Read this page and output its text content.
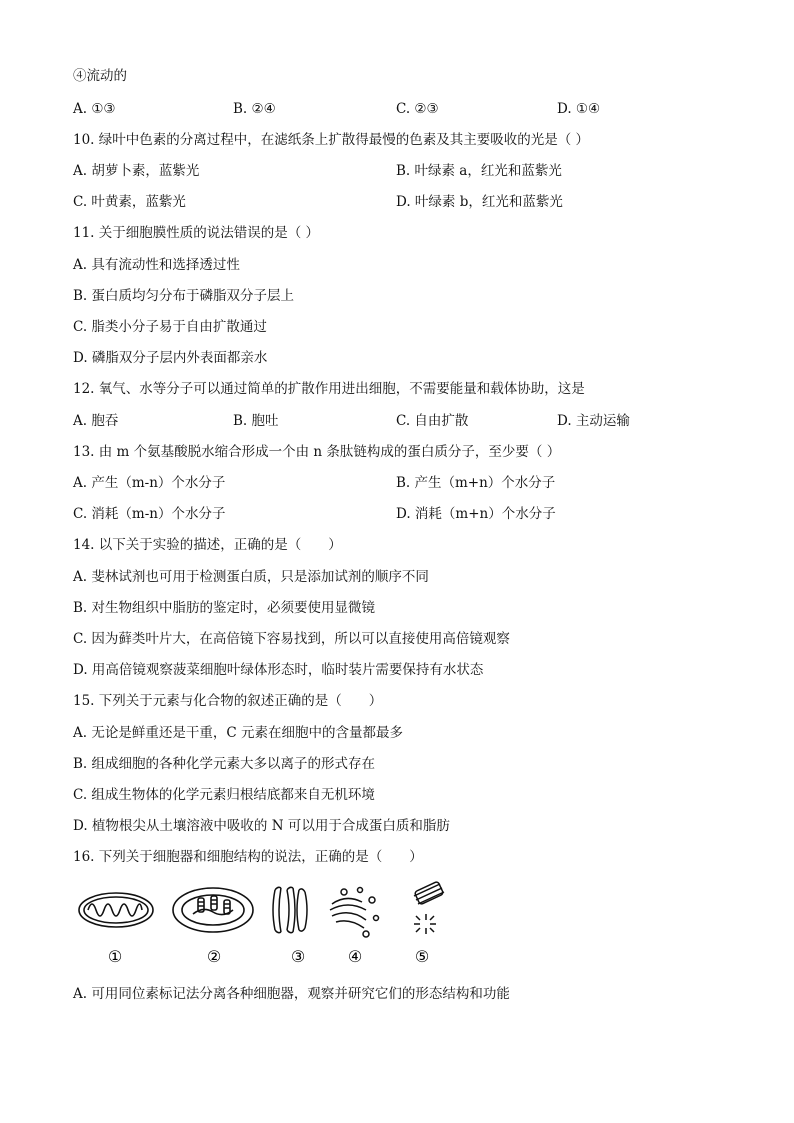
④流动的
A. ①③	B. ②④	C. ②③	D. ①④
10. 绿叶中色素的分离过程中，在滤纸条上扩散得最慢的色素及其主要吸收的光是（ ）
A. 胡萝卜素，蓝紫光	B. 叶绿素 a，红光和蓝紫光
C. 叶黄素，蓝紫光	D. 叶绿素 b，红光和蓝紫光
11. 关于细胞膜性质的说法错误的是（ ）
A. 具有流动性和选择透过性
B. 蛋白质均匀分布于磷脂双分子层上
C. 脂类小分子易于自由扩散通过
D. 磷脂双分子层内外表面都亲水
12. 氧气、水等分子可以通过简单的扩散作用进出细胞，不需要能量和载体协助，这是
A. 胞吞	B. 胞吐	C. 自由扩散	D. 主动运输
13. 由 m 个氨基酸脱水缩合形成一个由 n 条肽链构成的蛋白质分子，至少要（ ）
A. 产生（m-n）个水分子	B. 产生（m+n）个水分子
C. 消耗（m-n）个水分子	D. 消耗（m+n）个水分子
14. 以下关于实验的描述，正确的是（　　）
A. 斐林试剂也可用于检测蛋白质，只是添加试剂的顺序不同
B. 对生物组织中脂肪的鉴定时，必须要使用显微镜
C. 因为藓类叶片大，在高倍镜下容易找到，所以可以直接使用高倍镜观察
D. 用高倍镜观察菠菜细胞叶绿体形态时，临时装片需要保持有水状态
15. 下列关于元素与化合物的叙述正确的是（　　）
A. 无论是鲜重还是干重，C 元素在细胞中的含量都最多
B. 组成细胞的各种化学元素大多以离子的形式存在
C. 组成生物体的化学元素归根结底都来自无机环境
D. 植物根尖从土壤溶液中吸收的 N 可以用于合成蛋白质和脂肪
16. 下列关于细胞器和细胞结构的说法，正确的是（　　）
①	②	③	④	⑤
A. 可用同位素标记法分离各种细胞器，观察并研究它们的形态结构和功能
